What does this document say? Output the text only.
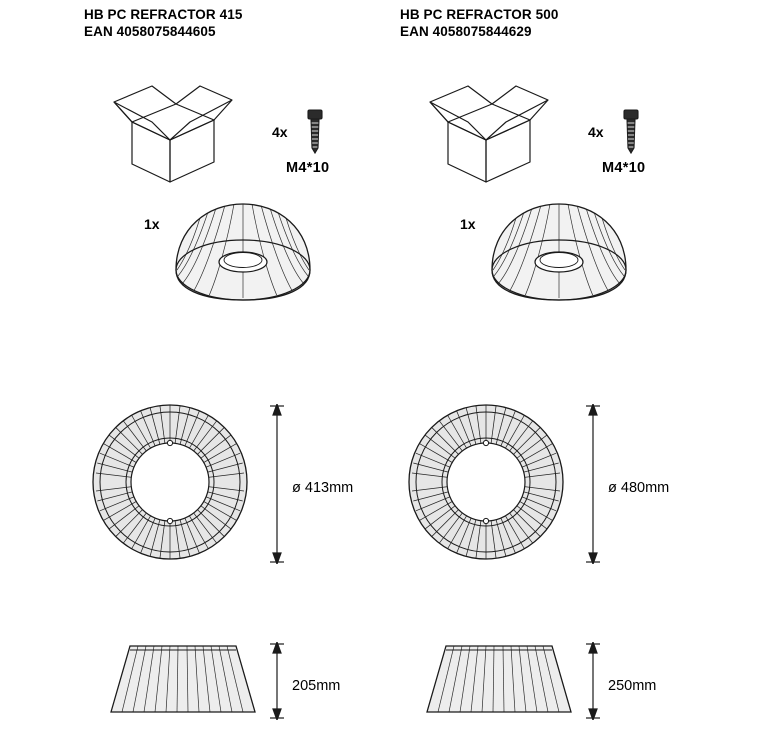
HB PC REFRACTOR 415
EAN 4058075844605
4x
M4*10
1x
ø 413mm
205mm
HB PC REFRACTOR 500
EAN 4058075844629
4x
M4*10
1x
ø 480mm
250mm
